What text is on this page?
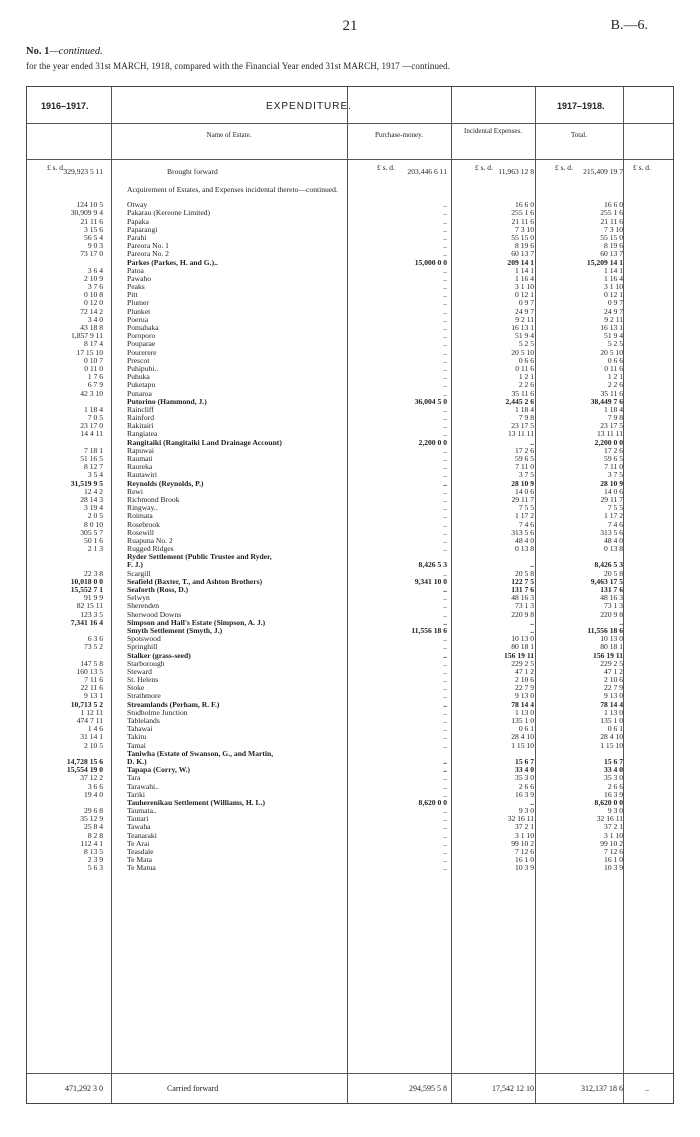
21	B.—6.
No. 1—continued.
for the year ended 31st MARCH, 1918, compared with the Financial Year ended 31st MARCH, 1917 —continued.
1916–1917.	EXPENDITURE.	1917–1918.
Name of Estate.	Purchase-money.	Incidental Expenses.	Total.
£ s. d.	£ s. d.	£ s. d.	£ s. d.	£ s. d.
329,923 5 11	Brought forward	203,446 6 11	11,963 12 8	215,409 19 7
Acquirement of Estates, and Expenses incidental thereto—continued.
124 10 5	Otway	..	16 6 0	16 6 0
30,909 9 4	Pakarau (Kereone Limited)	..	255 1 6	255 1 6
21 11 6	Papaka	..	21 11 6	21 11 6
3 15 6	Paparangi	..	7 3 10	7 3 10
56 5 4	Parahi	..	55 15 0	55 15 0
9 0 3	Pareora No. 1	..	8 19 6	8 19 6
73 17 0	Pareora No. 2	..	60 13 7	60 13 7
Parkes (Parkes, H. and G.)..	15,000 0 0	209 14 1	15,209 14 1
3 6 4	Patoa	..	1 14 1	1 14 1
2 10 9	Pawaho	..	1 16 4	1 16 4
3 7 6	Peaks	..	3 1 10	3 1 10
0 10 8	Pitt	..	0 12 1	0 12 1
0 12 0	Plumer	..	0 9 7	0 9 7
72 14 2	Plunket	..	24 9 7	24 9 7
3 4 0	Poerua	..	9 2 11	9 2 11
43 18 8	Pomahaka	..	16 13 1	16 13 1
1,857 9 11	Poroporo	..	51 9 4	51 9 4
8 17 4	Pouparae	..	5 2 5	5 2 5
17 15 10	Pourerere	..	20 5 10	20 5 10
0 10 7	Prescot	..	0 6 6	0 6 6
0 11 0	Puhipuhi..	..	0 11 6	0 11 6
1 7 6	Puhuka	..	1 2 1	1 2 1
6 7 9	Puketapu	..	2 2 6	2 2 6
42 3 10	Punaroa	..	35 11 6	35 11 6
Putorino (Hammond, J.)	36,004 5 0	2,445 2 6	38,449 7 6
1 18 4	Raincliff	..	1 18 4	1 18 4
7 0 5	Rainford	..	7 9 8	7 9 8
23 17 0	Rakitairi	..	23 17 5	23 17 5
14 4 11	Rangiatea	..	13 11 11	13 11 11
Rangitaiki (Rangitaiki Land Drainage Account)	2,200 0 0	..	2,200 0 0
7 18 1	Rapuwai	..	17 2 6	17 2 6
51 16 5	Raumati	..	59 6 5	59 6 5
8 12 7	Raureka	..	7 11 0	7 11 0
3 5 4	Rautawiri	..	3 7 5	3 7 5
31,519 9 5	Reynolds (Reynolds, P.)	..	28 10 9	28 10 9
12 4 2	Rewi	..	14 0 6	14 0 6
28 14 3	Richmond Brook	..	29 11 7	29 11 7
3 19 4	Ringway..	..	7 5 5	7 5 5
2 0 5	Roimata	..	1 17 2	1 17 2
8 0 10	Rosebrook	..	7 4 6	7 4 6
305 5 7	Rosewill	..	313 5 6	313 5 6
50 1 6	Ruapuna No. 2	..	48 4 0	48 4 0
2 1 3	Rugged Ridges	..	0 13 8	0 13 8
Ryder Settlement (Public Trustee and Ryder,
F. J.)	8,426 5 3	..	8,426 5 3
22 3 8	Scargill	..	20 5 8	20 5 8
10,018 0 0	Seafield (Baxter, T., and Ashton Brothers)	9,341 10 0	122 7 5	9,463 17 5
15,552 7 1	Seaforth (Ross, D.)	..	131 7 6	131 7 6
91 9 9	Selwyn	..	48 16 3	48 16 3
82 15 11	Sherenden	..	73 1 3	73 1 3
123 3 5	Sherwood Downs	..	220 9 8	220 9 8
7,341 16 4	Simpson and Hall's Estate (Simpson, A. J.)	..	..	..
Smyth Settlement (Smyth, J.)	11,556 18 6	..	11,556 18 6
6 3 6	Spotswood	..	10 13 0	10 13 0
73 5 2	Springhill	..	80 18 1	80 18 1
Stalker (grass-seed)	..	156 19 11	156 19 11
147 5 8	Starborough	..	229 2 5	229 2 5
160 13 5	Steward	..	47 1 2	47 1 2
7 11 6	St. Helens	..	2 10 6	2 10 6
22 11 6	Stoke	..	22 7 9	22 7 9
9 13 1	Strathmore	..	9 13 0	9 13 0
10,713 5 2	Streamlands (Perham, R. F.)	..	78 14 4	78 14 4
1 12 11	Studholme Junction	..	1 13 0	1 13 0
474 7 11	Tablelands	..	135 1 0	135 1 0
1 4 6	Tahawai	..	0 6 1	0 6 1
31 14 1	Takitu	..	28 4 10	28 4 10
2 10 5	Tamai	..	1 15 10	1 15 10
Taniwha (Estate of Swanson, G., and Martin,
14,728 15 6	D. K.)	..	15 6 7	15 6 7
15,554 19 0	Tapapa (Corry, W.)	..	33 4 0	33 4 0
37 12 2	Tara	..	35 3 0	35 3 0
3 6 6	Tarawahi..	..	2 6 6	2 6 6
19 4 0	Tariki	..	16 3 9	16 3 9
Tauherenikau Settlement (Williams, H. L.)	8,620 0 0	..	8,620 0 0
29 6 8	Taumata..	..	9 3 0	9 3 0
35 12 9	Tautari	..	32 16 11	32 16 11
25 8 4	Tawaha	..	37 2 1	37 2 1
8 2 8	Teanaraki	..	3 1 10	3 1 10
112 4 1	Te Arai	..	99 10 2	99 10 2
8 13 5	Teasdale	..	7 12 6	7 12 6
2 3 9	Te Mata	..	16 1 0	16 1 0
5 6 3	Te Matua	..	10 3 9	10 3 9
471,292 3 0	Carried forward	294,595 5 8	17,542 12 10	312,137 18 6	..
